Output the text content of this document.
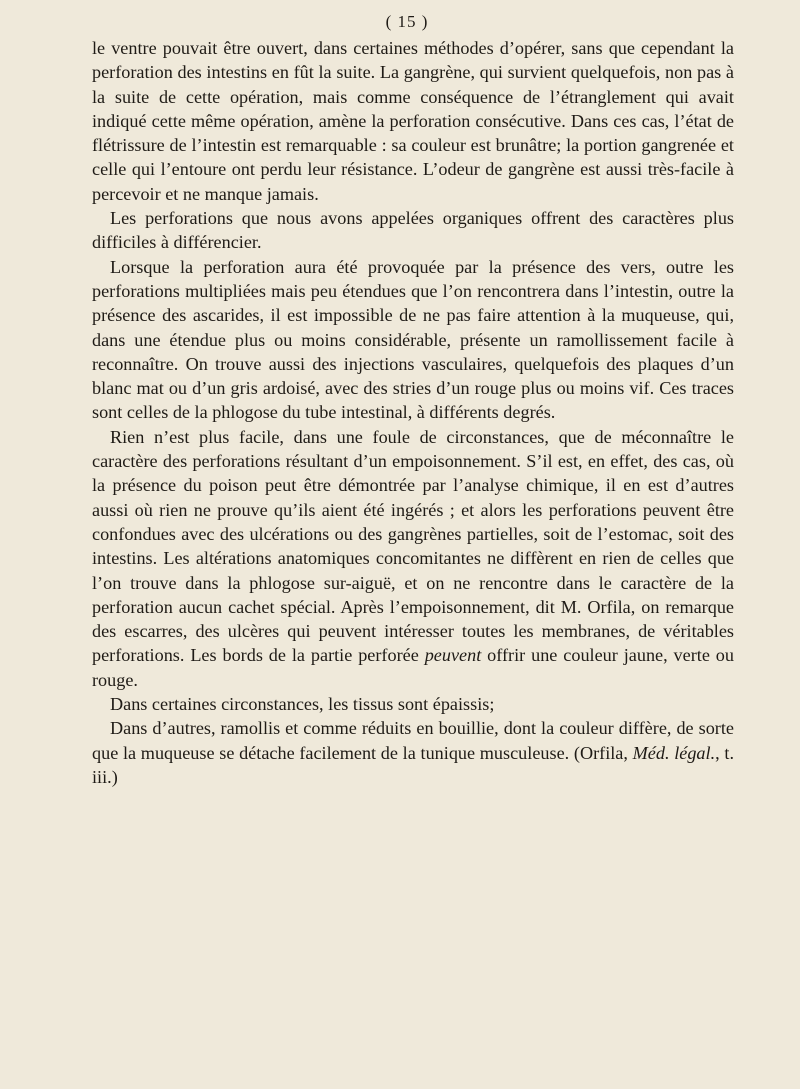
( 15 )

le ventre pouvait être ouvert, dans certaines méthodes d’opérer, sans que cependant la perforation des intestins en fût la suite. La gangrène, qui survient quelquefois, non pas à la suite de cette opération, mais comme conséquence de l’étranglement qui avait indiqué cette même opération, amène la perforation consécutive. Dans ces cas, l’état de flétrissure de l’intestin est remarquable : sa couleur est brunâtre; la portion gangrenée et celle qui l’entoure ont perdu leur résistance. L’odeur de gangrène est aussi très-facile à percevoir et ne manque jamais.

Les perforations que nous avons appelées organiques offrent des caractères plus difficiles à différencier.

Lorsque la perforation aura été provoquée par la présence des vers, outre les perforations multipliées mais peu étendues que l’on rencontrera dans l’intestin, outre la présence des ascarides, il est impossible de ne pas faire attention à la muqueuse, qui, dans une étendue plus ou moins considérable, présente un ramollissement facile à reconnaître. On trouve aussi des injections vasculaires, quelquefois des plaques d’un blanc mat ou d’un gris ardoisé, avec des stries d’un rouge plus ou moins vif. Ces traces sont celles de la phlogose du tube intestinal, à différents degrés.

Rien n’est plus facile, dans une foule de circonstances, que de méconnaître le caractère des perforations résultant d’un empoisonnement. S’il est, en effet, des cas, où la présence du poison peut être démontrée par l’analyse chimique, il en est d’autres aussi où rien ne prouve qu’ils aient été ingérés ; et alors les perforations peuvent être confondues avec des ulcérations ou des gangrènes partielles, soit de l’estomac, soit des intestins. Les altérations anatomiques concomitantes ne diffèrent en rien de celles que l’on trouve dans la phlogose sur-aiguë, et on ne rencontre dans le caractère de la perforation aucun cachet spécial. Après l’empoisonnement, dit M. Orfila, on remarque des escarres, des ulcères qui peuvent intéresser toutes les membranes, de véritables perforations. Les bords de la partie perforée peuvent offrir une couleur jaune, verte ou rouge.

Dans certaines circonstances, les tissus sont épaissis;

Dans d’autres, ramollis et comme réduits en bouillie, dont la couleur diffère, de sorte que la muqueuse se détache facilement de la tunique musculeuse. (Orfila, Méd. légal., t. iii.)
